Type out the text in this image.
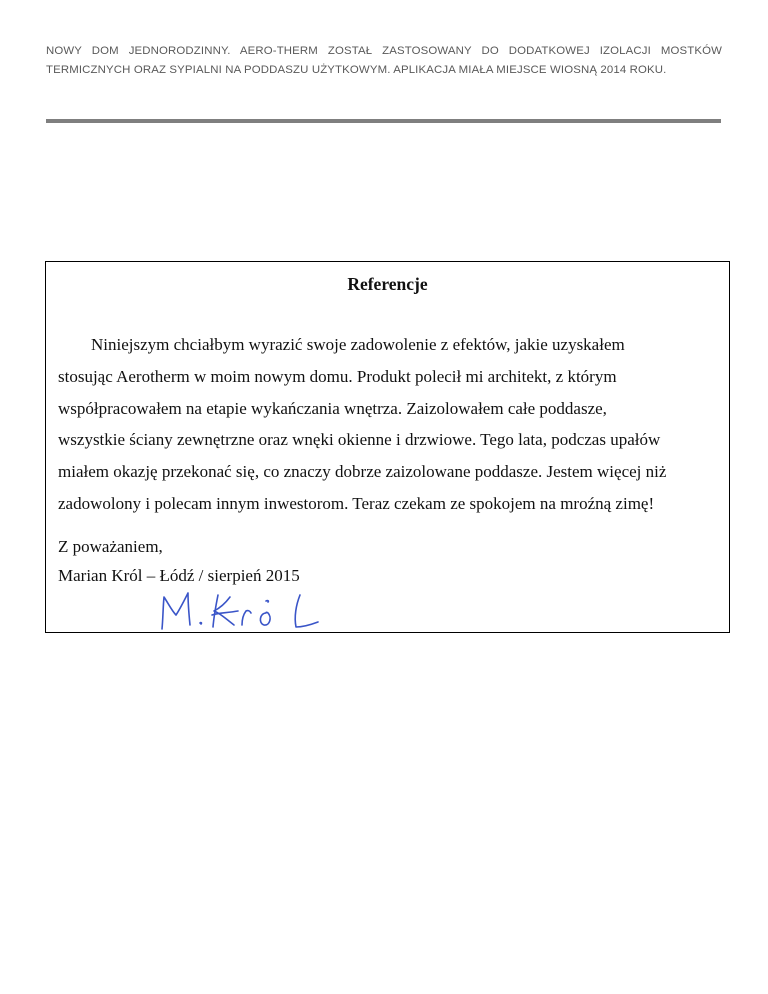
NOWY DOM JEDNORODZINNY. AERO-THERM ZOSTAŁ ZASTOSOWANY DO DODATKOWEJ IZOLACJI MOSTKÓW TERMICZNYCH ORAZ SYPIALNI NA PODDASZU UŻYTKOWYM. APLIKACJA MIAŁA MIEJSCE WIOSNĄ 2014 ROKU.

Referencje

Niniejszym chciałbym wyrazić swoje zadowolenie z efektów, jakie uzyskałem
stosując Aerotherm w moim nowym domu. Produkt polecił mi architekt, z którym
współpracowałem na etapie wykańczania wnętrza. Zaizolowałem całe poddasze,
wszystkie ściany zewnętrzne oraz wnęki okienne i drzwiowe. Tego lata, podczas upałów
miałem okazję przekonać się, co znaczy dobrze zaizolowane poddasze. Jestem więcej niż
zadowolony i polecam innym inwestorom. Teraz czekam ze spokojem na mroźną zimę!

Z poważaniem,
Marian Król – Łódź / sierpień 2015
